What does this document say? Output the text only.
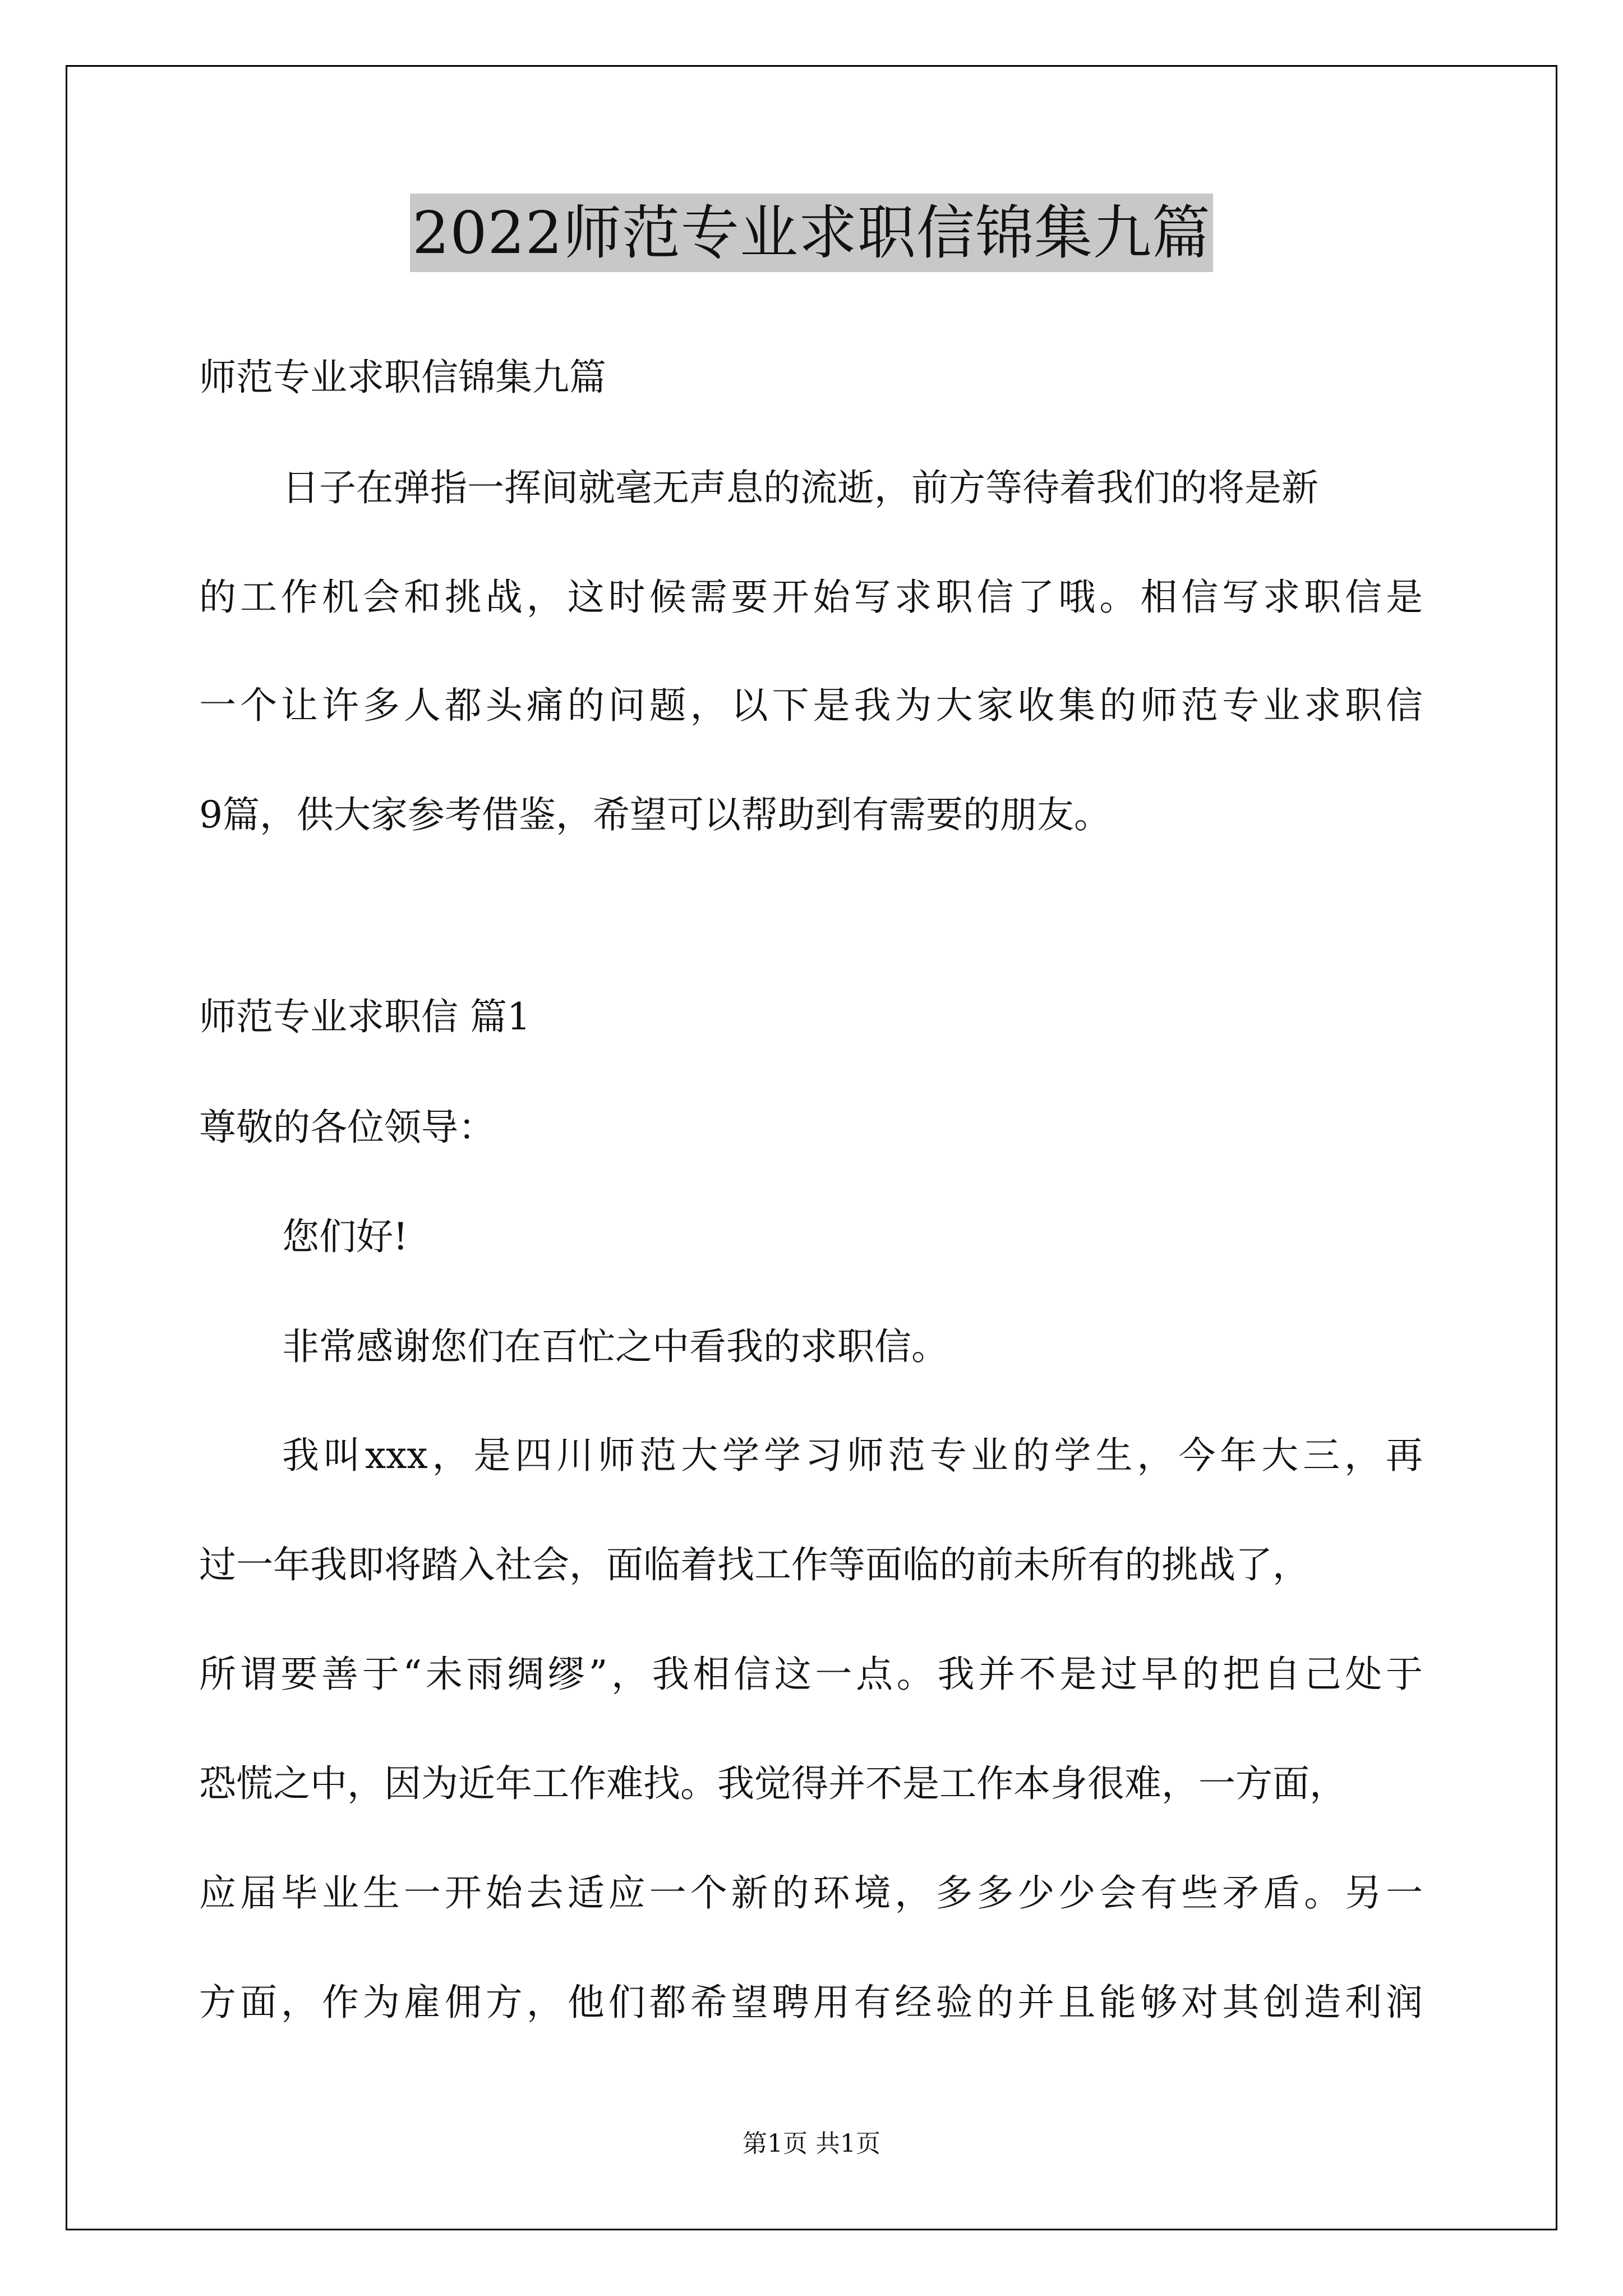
2022师范专业求职信锦集九篇
师范专业求职信锦集九篇
日子在弹指一挥间就毫无声息的流逝，前方等待着我们的将是新
的工作机会和挑战，这时候需要开始写求职信了哦。相信写求职信是
一个让许多人都头痛的问题，以下是我为大家收集的师范专业求职信
9篇，供大家参考借鉴，希望可以帮助到有需要的朋友。
师范专业求职信 篇1
尊敬的各位领导：
您们好!
非常感谢您们在百忙之中看我的求职信。
我叫xxx，是四川师范大学学习师范专业的学生，今年大三，再
过一年我即将踏入社会，面临着找工作等面临的前未所有的挑战了，
所谓要善于“未雨绸缪”，我相信这一点。我并不是过早的把自己处于
恐慌之中，因为近年工作难找。我觉得并不是工作本身很难，一方面，
应届毕业生一开始去适应一个新的环境，多多少少会有些矛盾。另一
方面，作为雇佣方，他们都希望聘用有经验的并且能够对其创造利润
第1页 共1页
